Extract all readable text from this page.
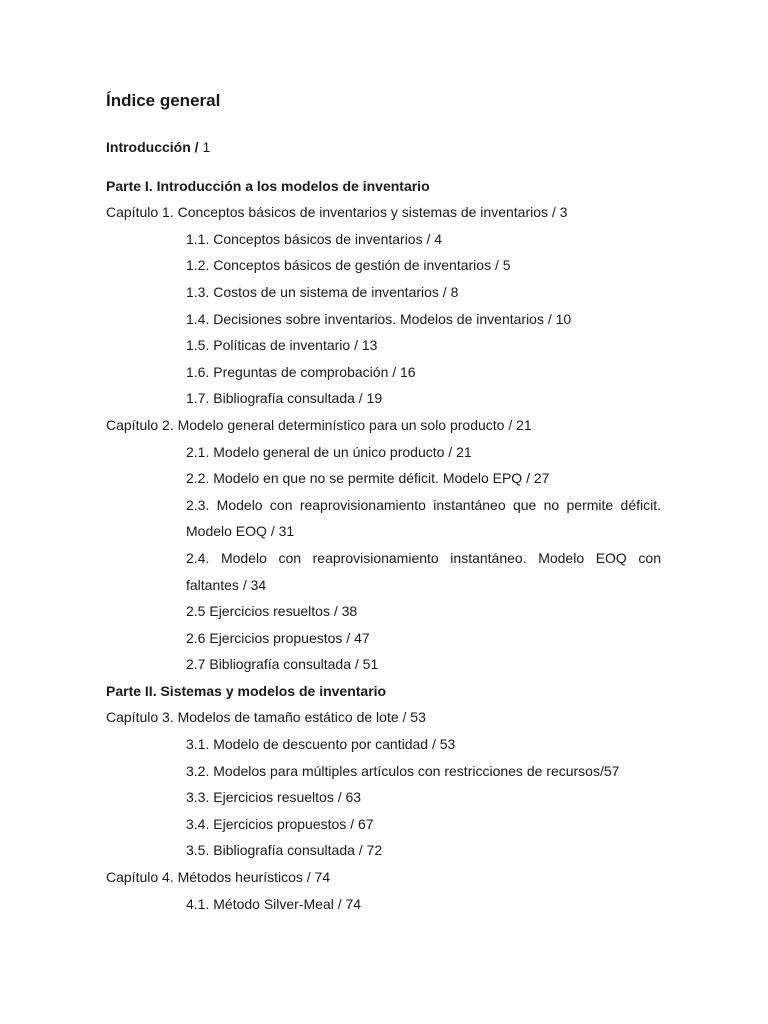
Índice general
Introducción / 1
Parte I. Introducción a los modelos de inventario
Capítulo 1. Conceptos básicos de inventarios y sistemas de inventarios / 3
1.1. Conceptos básicos de inventarios / 4
1.2. Conceptos básicos de gestión de inventarios / 5
1.3. Costos de un sistema de inventarios / 8
1.4. Decisiones sobre inventarios. Modelos de inventarios / 10
1.5. Políticas de inventario / 13
1.6. Preguntas de comprobación / 16
1.7. Bibliografía consultada / 19
Capítulo 2. Modelo general determinístico para un solo producto / 21
2.1. Modelo general de un único producto / 21
2.2. Modelo en que no se permite déficit. Modelo EPQ / 27
2.3. Modelo con reaprovisionamiento instantáneo que no permite déficit. Modelo EOQ / 31
2.4. Modelo con reaprovisionamiento instantáneo. Modelo EOQ con faltantes / 34
2.5 Ejercicios resueltos / 38
2.6 Ejercicios propuestos / 47
2.7 Bibliografía consultada / 51
Parte II. Sistemas y modelos de inventario
Capítulo 3. Modelos de tamaño estático de lote / 53
3.1. Modelo de descuento por cantidad / 53
3.2. Modelos para múltiples artículos con restricciones de recursos/57
3.3. Ejercicios resueltos / 63
3.4. Ejercicios propuestos / 67
3.5. Bibliografía consultada / 72
Capítulo 4. Métodos heurísticos / 74
4.1. Método Silver-Meal / 74
